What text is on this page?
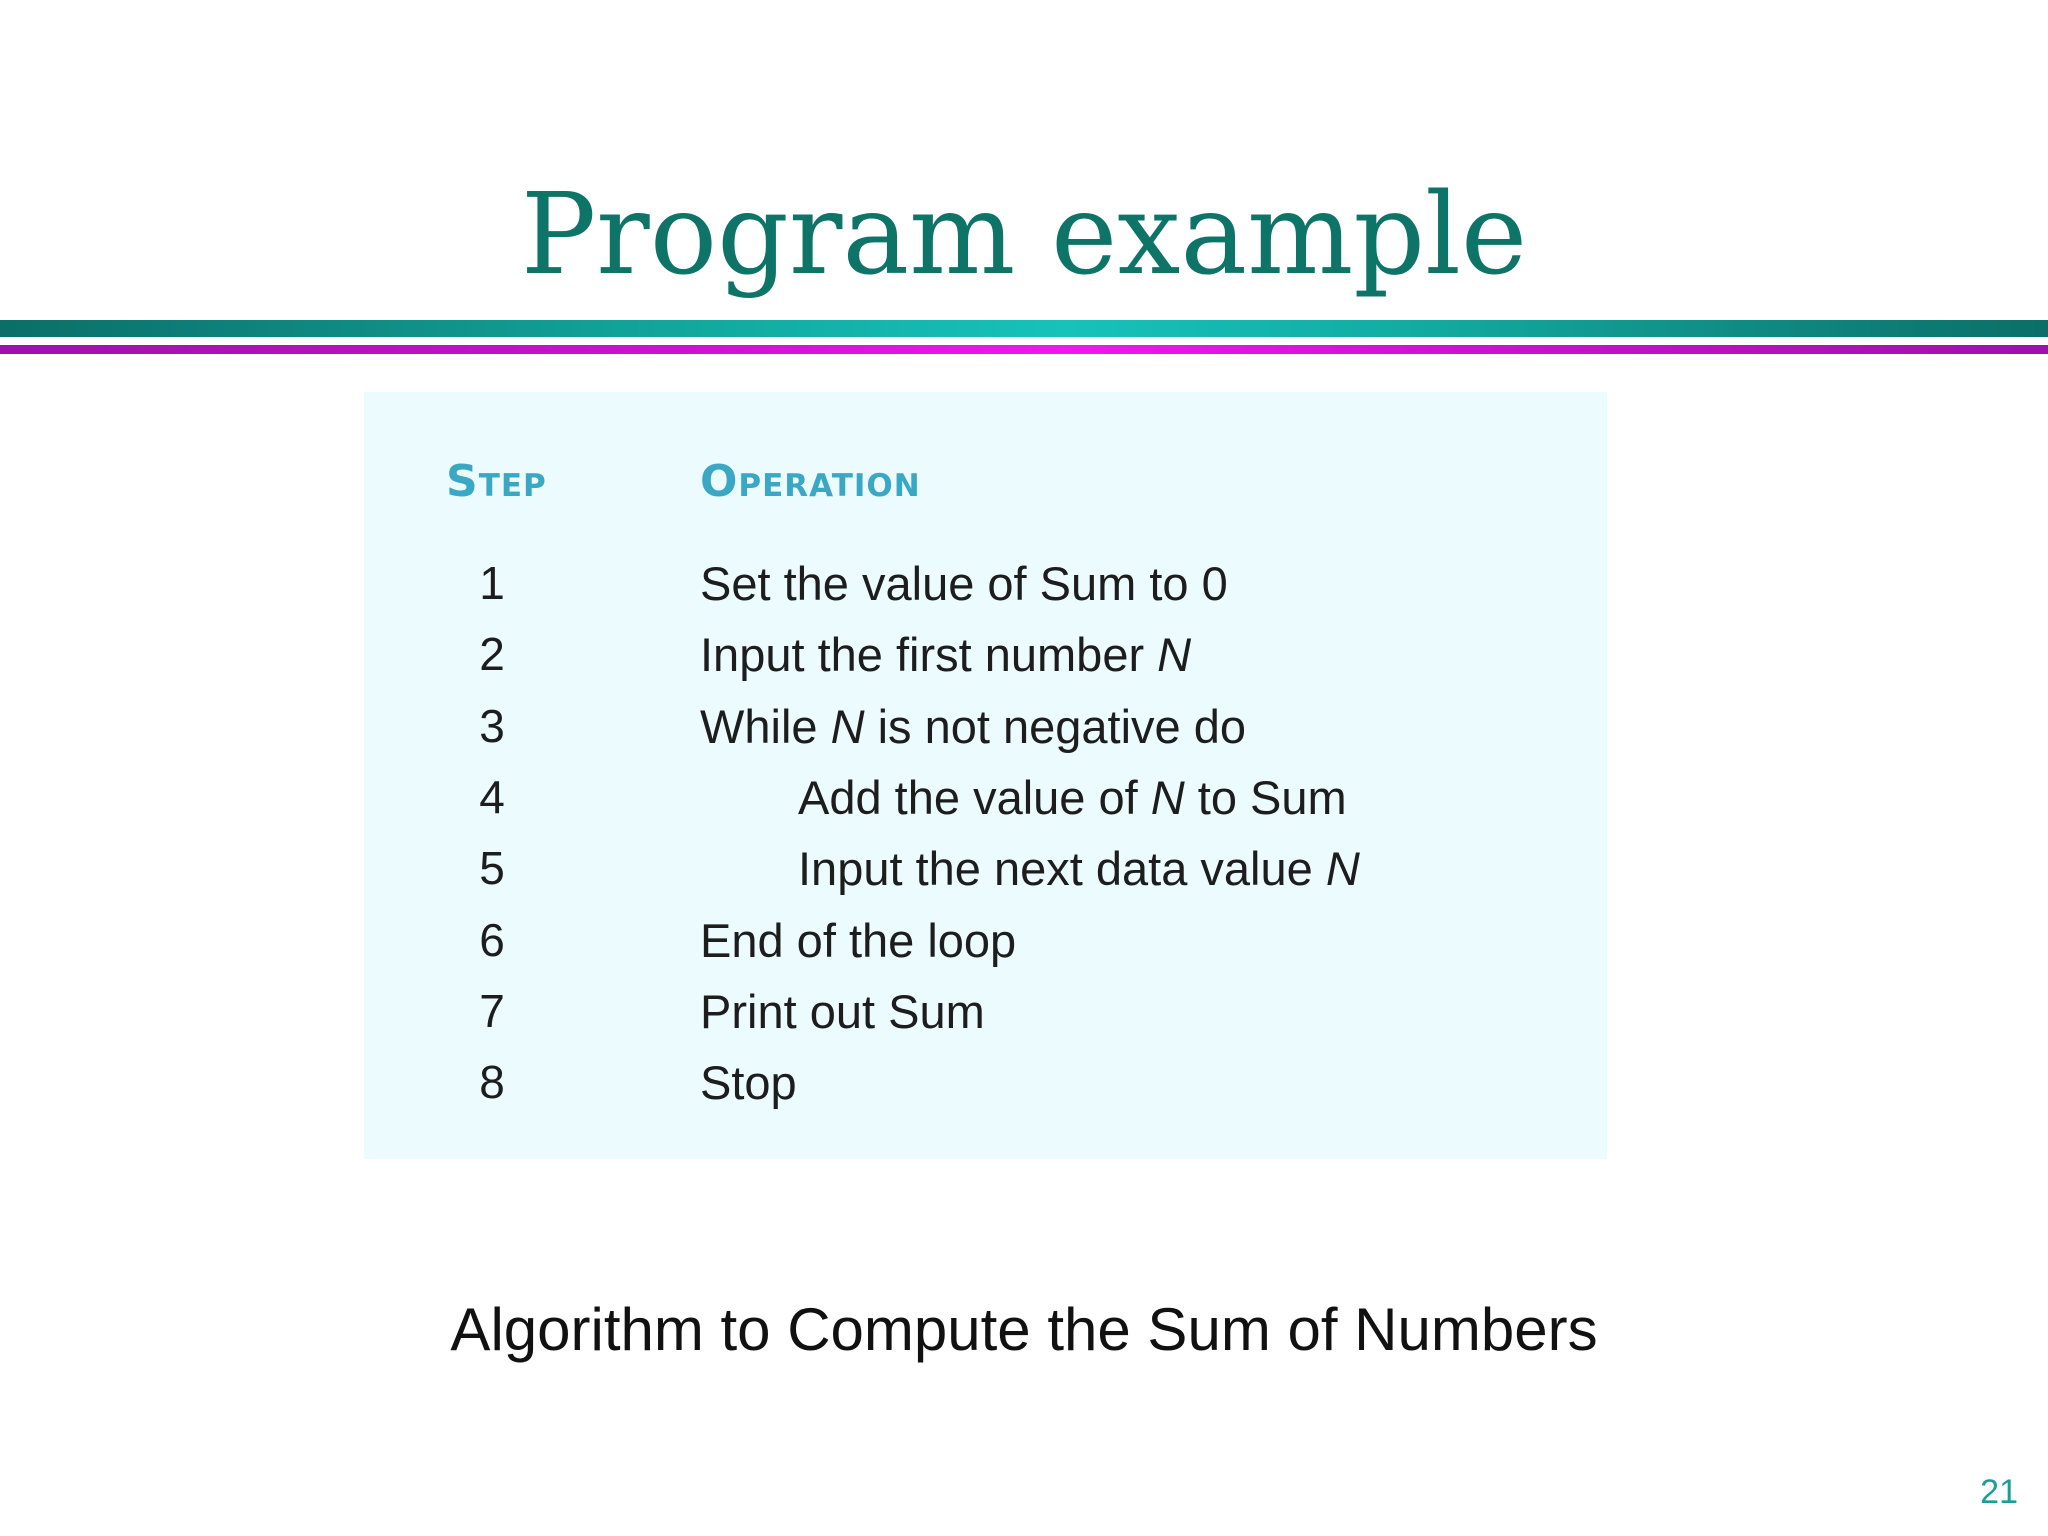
Program example
Step	Operation
1	Set the value of Sum to 0
2	Input the first number N
3	While N is not negative do
4	Add the value of N to Sum
5	Input the next data value N
6	End of the loop
7	Print out Sum
8	Stop
Algorithm to Compute the Sum of Numbers
21
